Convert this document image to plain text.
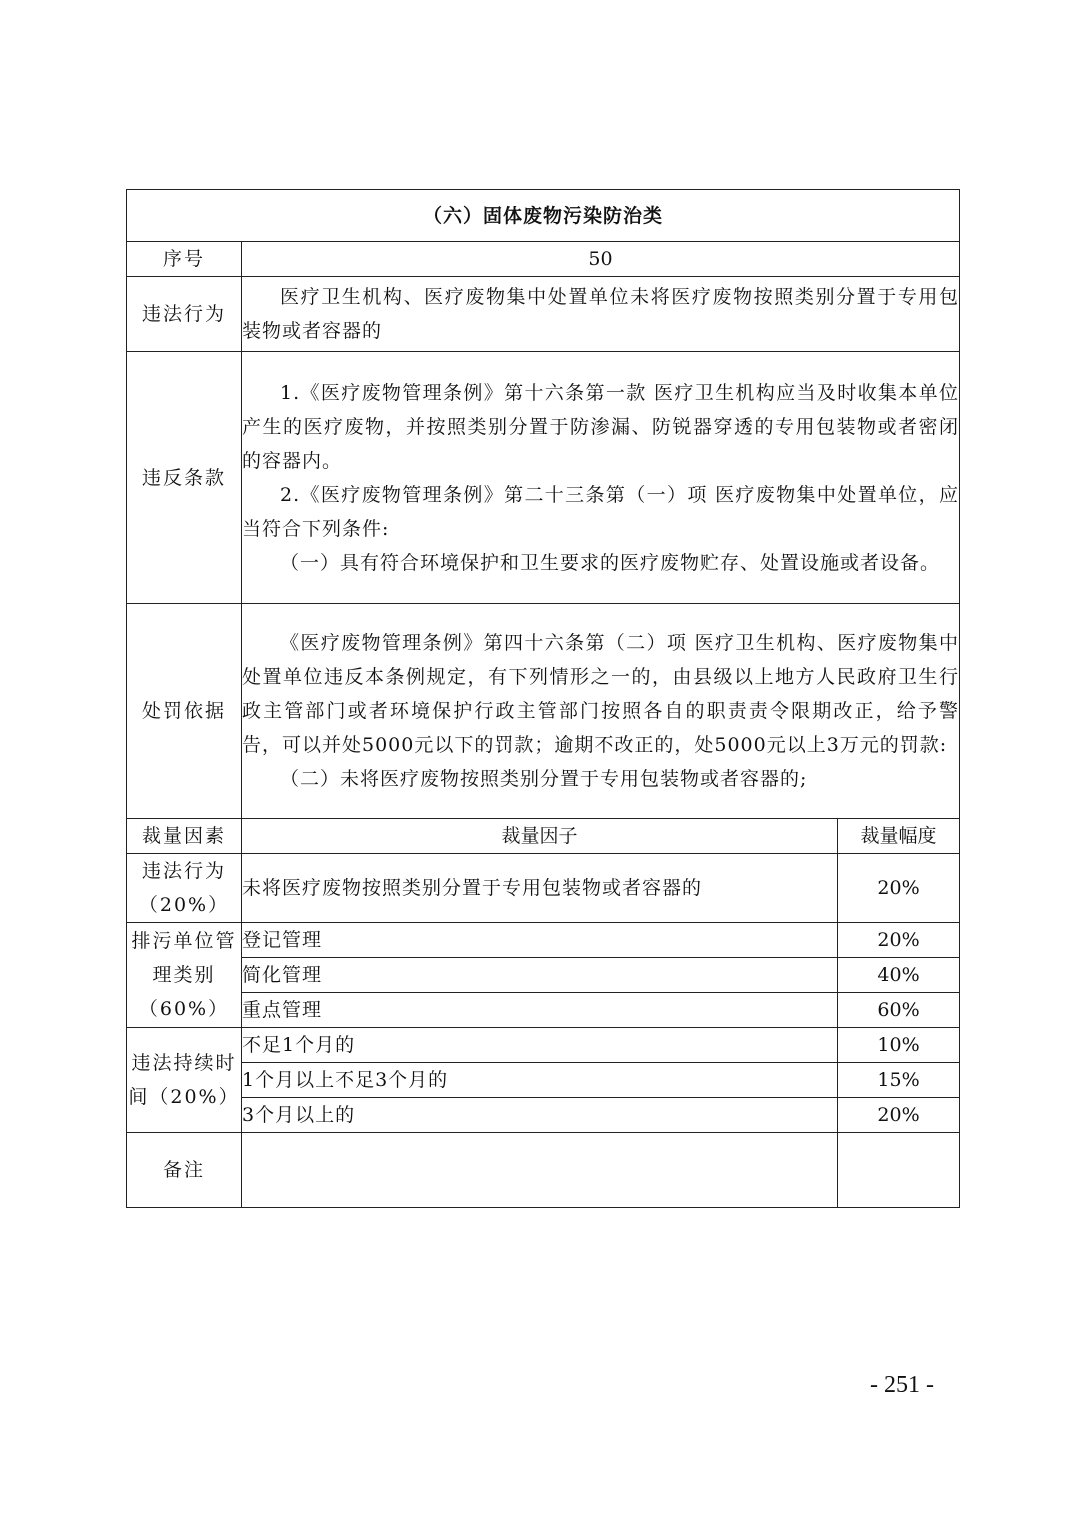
（六）固体废物污染防治类		
序号	50	
违法行为	医疗卫生机构、医疗废物集中处置单位未将医疗废物按照类别分置于专用包装物或者容器的	

违反条款	1.《医疗废物管理条例》第十六条第一款 医疗卫生机构应当及时收集本单位产生的医疗废物，并按照类别分置于防渗漏、防锐器穿透的专用包装物或者密闭的容器内。

2.《医疗废物管理条例》第二十三条第（一）项 医疗废物集中处置单位，应当符合下列条件:

（一）具有符合环境保护和卫生要求的医疗废物贮存、处置设施或者设备。	

处罚依据	《医疗废物管理条例》第四十六条第（二）项 医疗卫生机构、医疗废物集中处置单位违反本条例规定，有下列情形之一的，由县级以上地方人民政府卫生行政主管部门或者环境保护行政主管部门按照各自的职责责令限期改正，给予警告，可以并处5000元以下的罚款；逾期不改正的，处5000元以上3万元的罚款:

（二）未将医疗废物按照类别分置于专用包装物或者容器的;	

裁量因素	裁量因子	裁量幅度
违法行为（20%）	未将医疗废物按照类别分置于专用包装物或者容器的	20%
排污单位管理类别（60%）	登记管理	20%
	简化管理	40%
	重点管理	60%
违法持续时间（20%）	不足1个月的	10%
	1个月以上不足3个月的	15%
	3个月以上的	20%
备注		
- 251 -
